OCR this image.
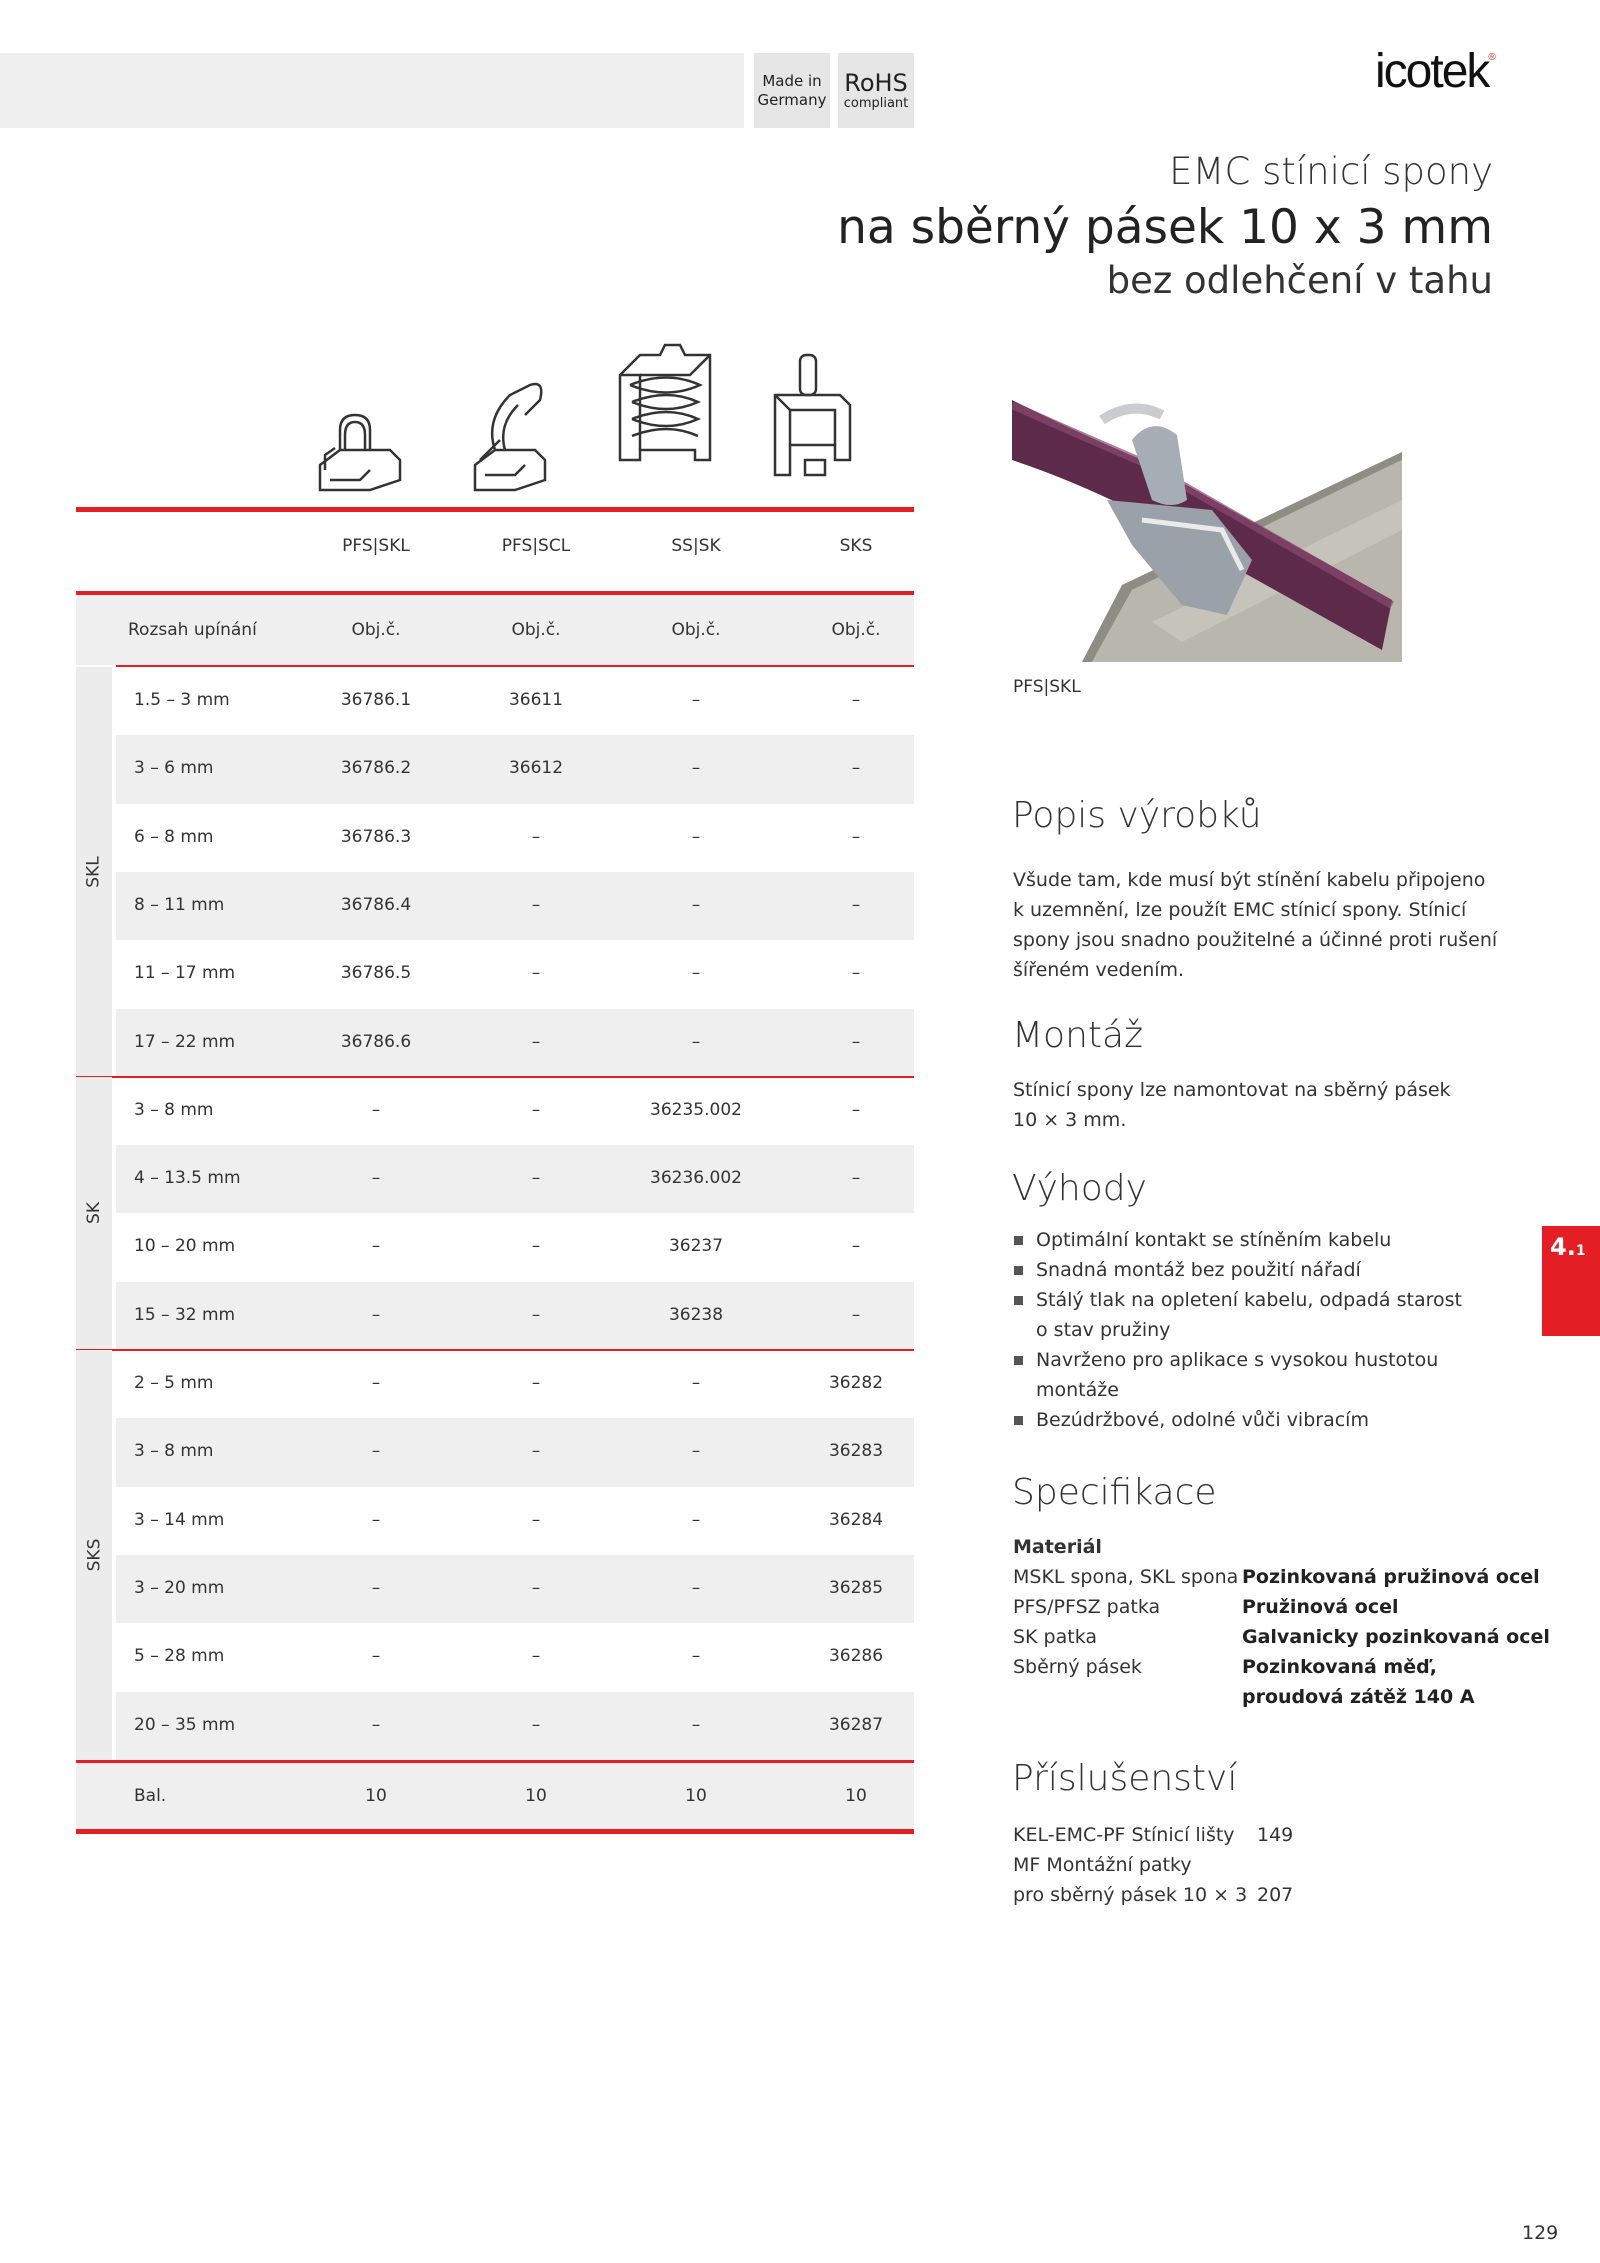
Made in
Germany
RoHS
compliant
icotek®
EMC stínicí spony
na sběrný pásek 10 x 3 mm
bez odlehčení v tahu
PFS|SKL	PFS|SCL	SS|SK	SKS
Rozsah upínání	Obj.č.	Obj.č.	Obj.č.	Obj.č.
1.5 – 3 mm	36786.1	36611	–	–
3 – 6 mm	36786.2	36612	–	–
6 – 8 mm	36786.3	–	–	–
8 – 11 mm	36786.4	–	–	–
11 – 17 mm	36786.5	–	–	–
17 – 22 mm	36786.6	–	–	–
SKL
3 – 8 mm	–	–	36235.002	–
4 – 13.5 mm	–	–	36236.002	–
10 – 20 mm	–	–	36237	–
15 – 32 mm	–	–	36238	–
SK
2 – 5 mm	–	–	–	36282
3 – 8 mm	–	–	–	36283
3 – 14 mm	–	–	–	36284
3 – 20 mm	–	–	–	36285
5 – 28 mm	–	–	–	36286
20 – 35 mm	–	–	–	36287
SKS
Bal.	10	10	10	10
PFS|SKL
Popis výrobků
Všude tam, kde musí být stínění kabelu připojeno
k uzemnění, lze použít EMC stínicí spony. Stínicí
spony jsou snadno použitelné a účinné proti rušení
šířeném vedením.
Montáž
Stínicí spony lze namontovat na sběrný pásek
10 × 3 mm.
Výhody
Optimální kontakt se stíněním kabelu
Snadná montáž bez použití nářadí
Stálý tlak na opletení kabelu, odpadá starost o stav pružiny
Navrženo pro aplikace s vysokou hustotou montáže
Bezúdržbové, odolné vůči vibracím
Specifikace
Materiál
MSKL spona, SKL spona Pozinkovaná pružinová ocel
PFS/PFSZ patka	Pružinová ocel
SK patka	Galvanicky pozinkovaná ocel
Sběrný pásek	Pozinkovaná měď,
proudová zátěž 140 A
Příslušenství
KEL-EMC-PF Stínicí lišty 149
MF Montážní patky
pro sběrný pásek 10 × 3 207
4.1
129
